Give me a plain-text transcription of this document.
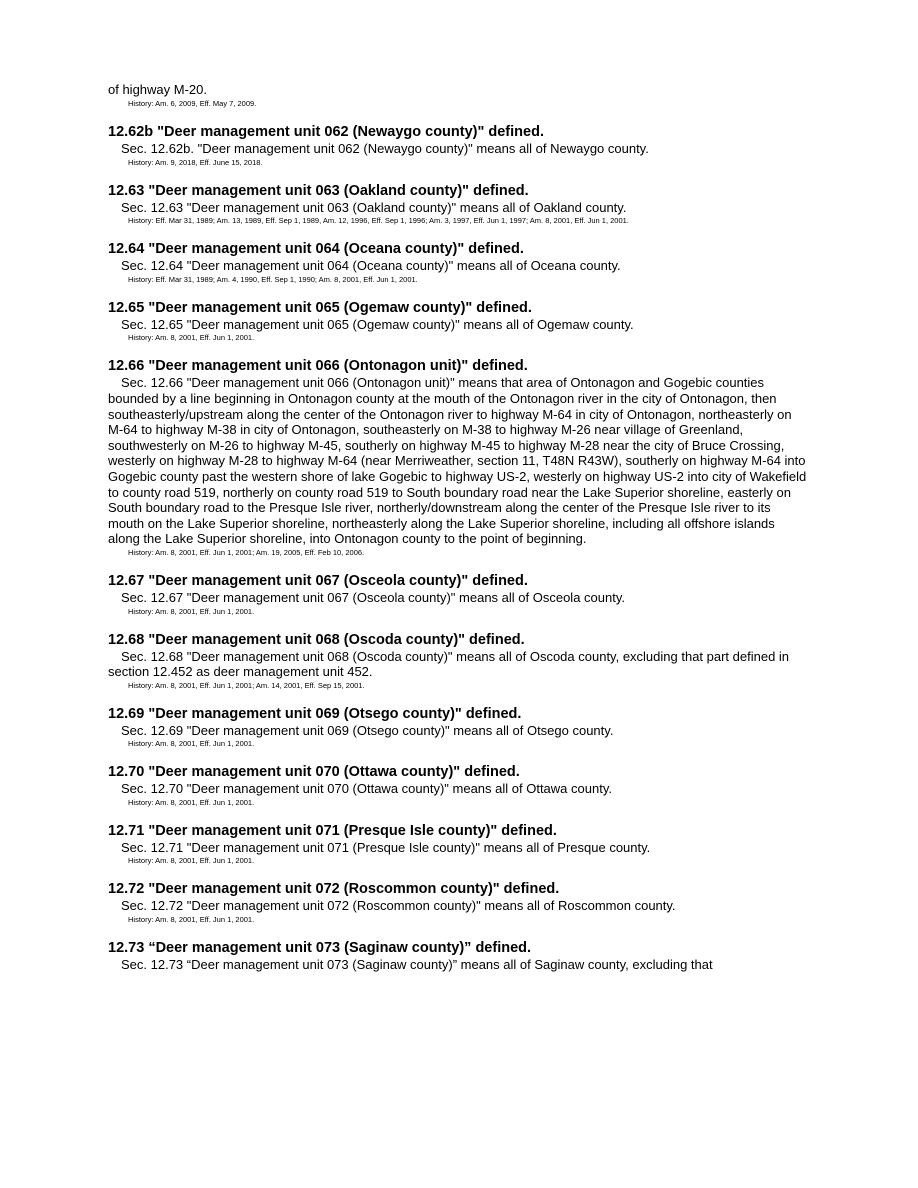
of highway M-20.
History: Am. 6, 2009, Eff. May 7, 2009.
12.62b "Deer management unit 062 (Newaygo county)" defined.
Sec. 12.62b. "Deer management unit 062 (Newaygo county)" means all of Newaygo county.
History: Am. 9, 2018, Eff. June 15, 2018.
12.63 "Deer management unit 063 (Oakland county)" defined.
Sec. 12.63 "Deer management unit 063 (Oakland county)" means all of Oakland county.
History: Eff. Mar 31, 1989; Am. 13, 1989, Eff. Sep 1, 1989, Am. 12, 1996, Eff. Sep 1, 1996; Am. 3, 1997, Eff. Jun 1, 1997; Am. 8, 2001, Eff. Jun 1, 2001.
12.64 "Deer management unit 064 (Oceana county)" defined.
Sec. 12.64 "Deer management unit 064 (Oceana county)" means all of Oceana county.
History: Eff. Mar 31, 1989; Am. 4, 1990, Eff. Sep 1, 1990; Am. 8, 2001, Eff. Jun 1, 2001.
12.65 "Deer management unit 065 (Ogemaw county)" defined.
Sec. 12.65 "Deer management unit 065 (Ogemaw county)" means all of Ogemaw county.
History: Am. 8, 2001, Eff. Jun 1, 2001.
12.66 "Deer management unit 066 (Ontonagon unit)" defined.
Sec. 12.66 "Deer management unit 066 (Ontonagon unit)" means that area of Ontonagon and Gogebic counties bounded by a line beginning in Ontonagon county at the mouth of the Ontonagon river in the city of Ontonagon, then southeasterly/upstream along the center of the Ontonagon river to highway M-64 in city of Ontonagon, northeasterly on M-64 to highway M-38 in city of Ontonagon, southeasterly on M-38 to highway M-26 near village of Greenland, southwesterly on M-26 to highway M-45, southerly on highway M-45 to highway M-28 near the city of Bruce Crossing, westerly on highway M-28 to highway M-64 (near Merriweather, section 11, T48N R43W), southerly on highway M-64 into Gogebic county past the western shore of lake Gogebic to highway US-2, westerly on highway US-2 into city of Wakefield to county road 519, northerly on county road 519 to South boundary road near the Lake Superior shoreline, easterly on South boundary road to the Presque Isle river, northerly/downstream along the center of the Presque Isle river to its mouth on the Lake Superior shoreline, northeasterly along the Lake Superior shoreline, including all offshore islands along the Lake Superior shoreline, into Ontonagon county to the point of beginning.
History: Am. 8, 2001, Eff. Jun 1, 2001; Am. 19, 2005, Eff. Feb 10, 2006.
12.67 "Deer management unit 067 (Osceola county)" defined.
Sec. 12.67 "Deer management unit 067 (Osceola county)" means all of Osceola county.
History: Am. 8, 2001, Eff. Jun 1, 2001.
12.68 "Deer management unit 068 (Oscoda county)" defined.
Sec. 12.68 "Deer management unit 068 (Oscoda county)" means all of Oscoda county, excluding that part defined in section 12.452 as deer management unit 452.
History: Am. 8, 2001, Eff. Jun 1, 2001; Am. 14, 2001, Eff. Sep 15, 2001.
12.69 "Deer management unit 069 (Otsego county)" defined.
Sec. 12.69 "Deer management unit 069 (Otsego county)" means all of Otsego county.
History: Am. 8, 2001, Eff. Jun 1, 2001.
12.70 "Deer management unit 070 (Ottawa county)" defined.
Sec. 12.70 "Deer management unit 070 (Ottawa county)" means all of Ottawa county.
History: Am. 8, 2001, Eff. Jun 1, 2001.
12.71 "Deer management unit 071 (Presque Isle county)" defined.
Sec. 12.71 "Deer management unit 071 (Presque Isle county)" means all of Presque county.
History: Am. 8, 2001, Eff. Jun 1, 2001.
12.72 "Deer management unit 072 (Roscommon county)" defined.
Sec. 12.72 "Deer management unit 072 (Roscommon county)" means all of Roscommon county.
History: Am. 8, 2001, Eff. Jun 1, 2001.
12.73 “Deer management unit 073 (Saginaw county)” defined.
Sec. 12.73 “Deer management unit 073 (Saginaw county)” means all of Saginaw county, excluding that
